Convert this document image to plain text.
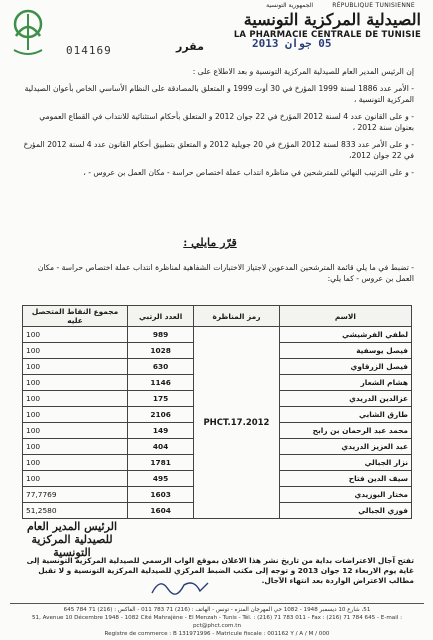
RÉPUBLIQUE TUNISIENNE
الجمهورية التونسية
الصيدلية المركزية التونسية
LA PHARMACIE CENTRALE DE TUNISIE
014169	مقرر	05 جوان 2013

إن الرئيس المدير العام للصيدلية المركزية التونسية و بعد الاطلاع على :

- الأمر عدد 1886 لسنة 1999 المؤرخ في 30 أوت 1999 و المتعلق بالمصادقة على النظام الأساسي الخاص بأعوان الصيدلية المركزية التونسية ،

- و على القانون عدد 4 لسنة 2012 المؤرخ في 22 جوان 2012 و المتعلق بأحكام استثنائية للانتداب في القطاع العمومي بعنوان سنة 2012 ،

- و على الأمر عدد 833 لسنة 2012 المؤرخ في 20 جويلية 2012 و المتعلق بتطبيق أحكام القانون عدد 4 لسنة 2012 المؤرخ في 22 جوان 2012،

- و على الترتيب النهائي للمترشحين في مناظرة انتداب عملة اختصاص حراسة - مكان العمل بن عروس - ،

قرّر مايلي :
- تضبط في ما يلي قائمة المترشحين المدعوين لاجتياز الاختبارات الشفاهية لمناظرة انتداب عملة اختصاص حراسة - مكان العمل بن عروس - كما يلي:
الاسم	رمز المناظرة	العدد الرتبي	مجموع النقاط المتحصل عليه
لطفي الفرشيشي	PHCT.17.2012	989	100
فيصل يوسفية		1028	100
فيصل الزرقاوي		630	100
هشام الشعار		1146	100
عزالدين الدريدي		175	100
طارق الشابي		2106	100
محمد عبد الرحمان بن رابح		149	100
عبد العزيز الدريدي		404	100
نزار الجبالي		1781	100
سيف الدين فتاح		495	100
مختار البوزيدي		1603	77,7769
فوزي الجبالي		1604	51,2580
تفتح آجال الاعتراضات بداية من تاريخ نشر هذا الاعلان بموقع الواب الرسمي للصيدلية المركزية التونسية إلى غاية يوم الاربعاء 12 جوان 2013 و توجه إلى مكتب الضبط المركزي للصيدلية المركزية التونسية و لا تقبل مطالب الاعتراض الواردة بعد انتهاء الآجال.
الرئيس المدير العام
للصيدلية المركزية التونسية
51، شارع 10 ديسمبر 1948 - 1082 حي المهرجان المنزه - تونس - الهاتف : (216) 71 783 011 - الفاكس : (216) 71 784 645
51, Avenue 10 Décembre 1948 - 1082 Cité Mahrajène - El Menzah - Tunis - Tél. : (216) 71 783 011 - Fax : (216) 71 784 645 - E-mail : pct@phct.com.tn
Registre de commerce : B 131971996 - Matricule fiscale : 001162 Y / A / M / 000
